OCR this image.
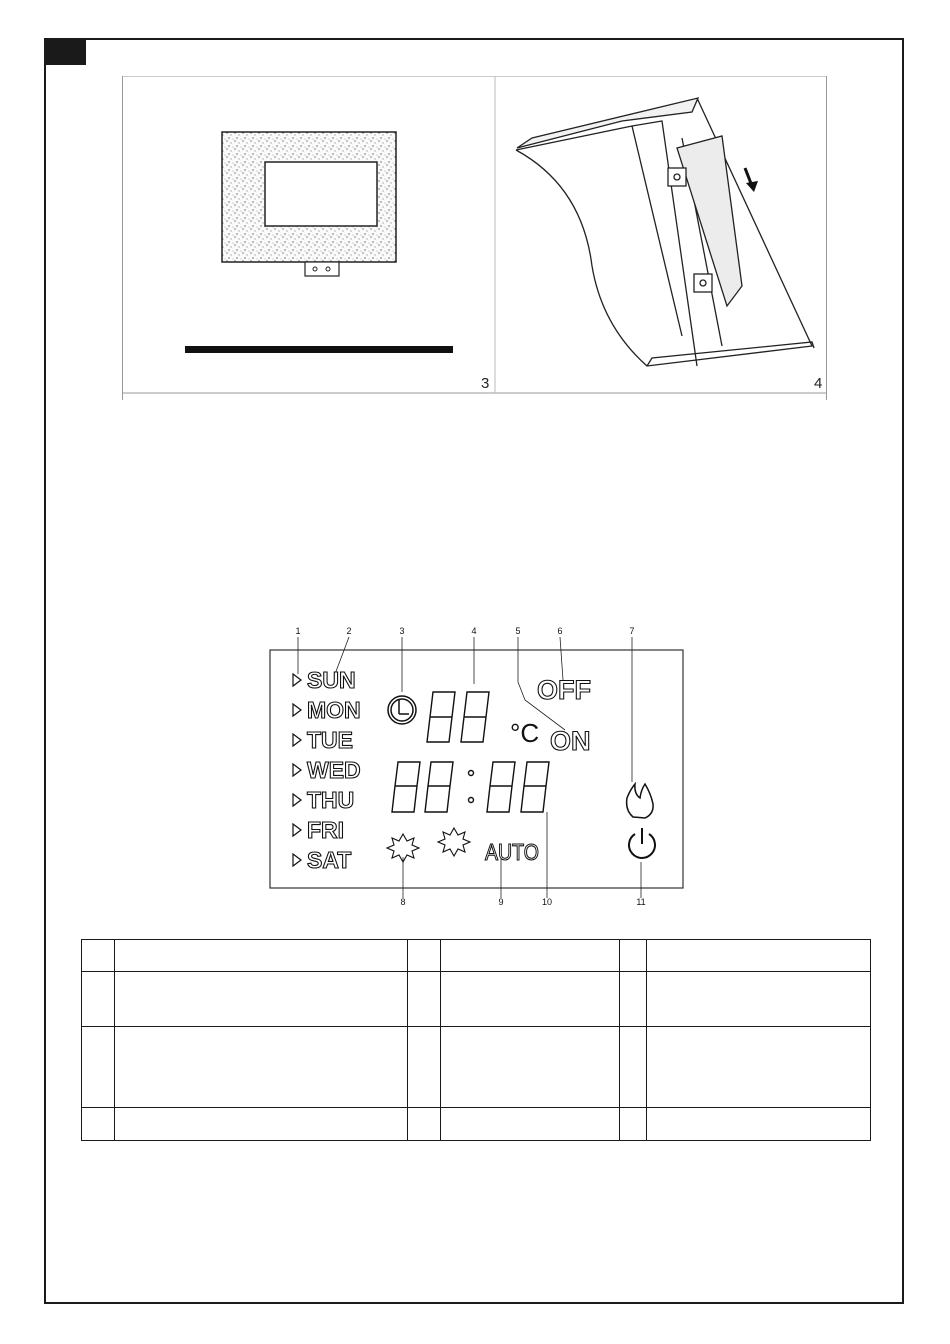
3	4
1	2	3	4	5	6	7
8	9	10	11
SUN
MON
TUE
WED
THU
FRI
SAT
°C
OFF
ON
AUTO
